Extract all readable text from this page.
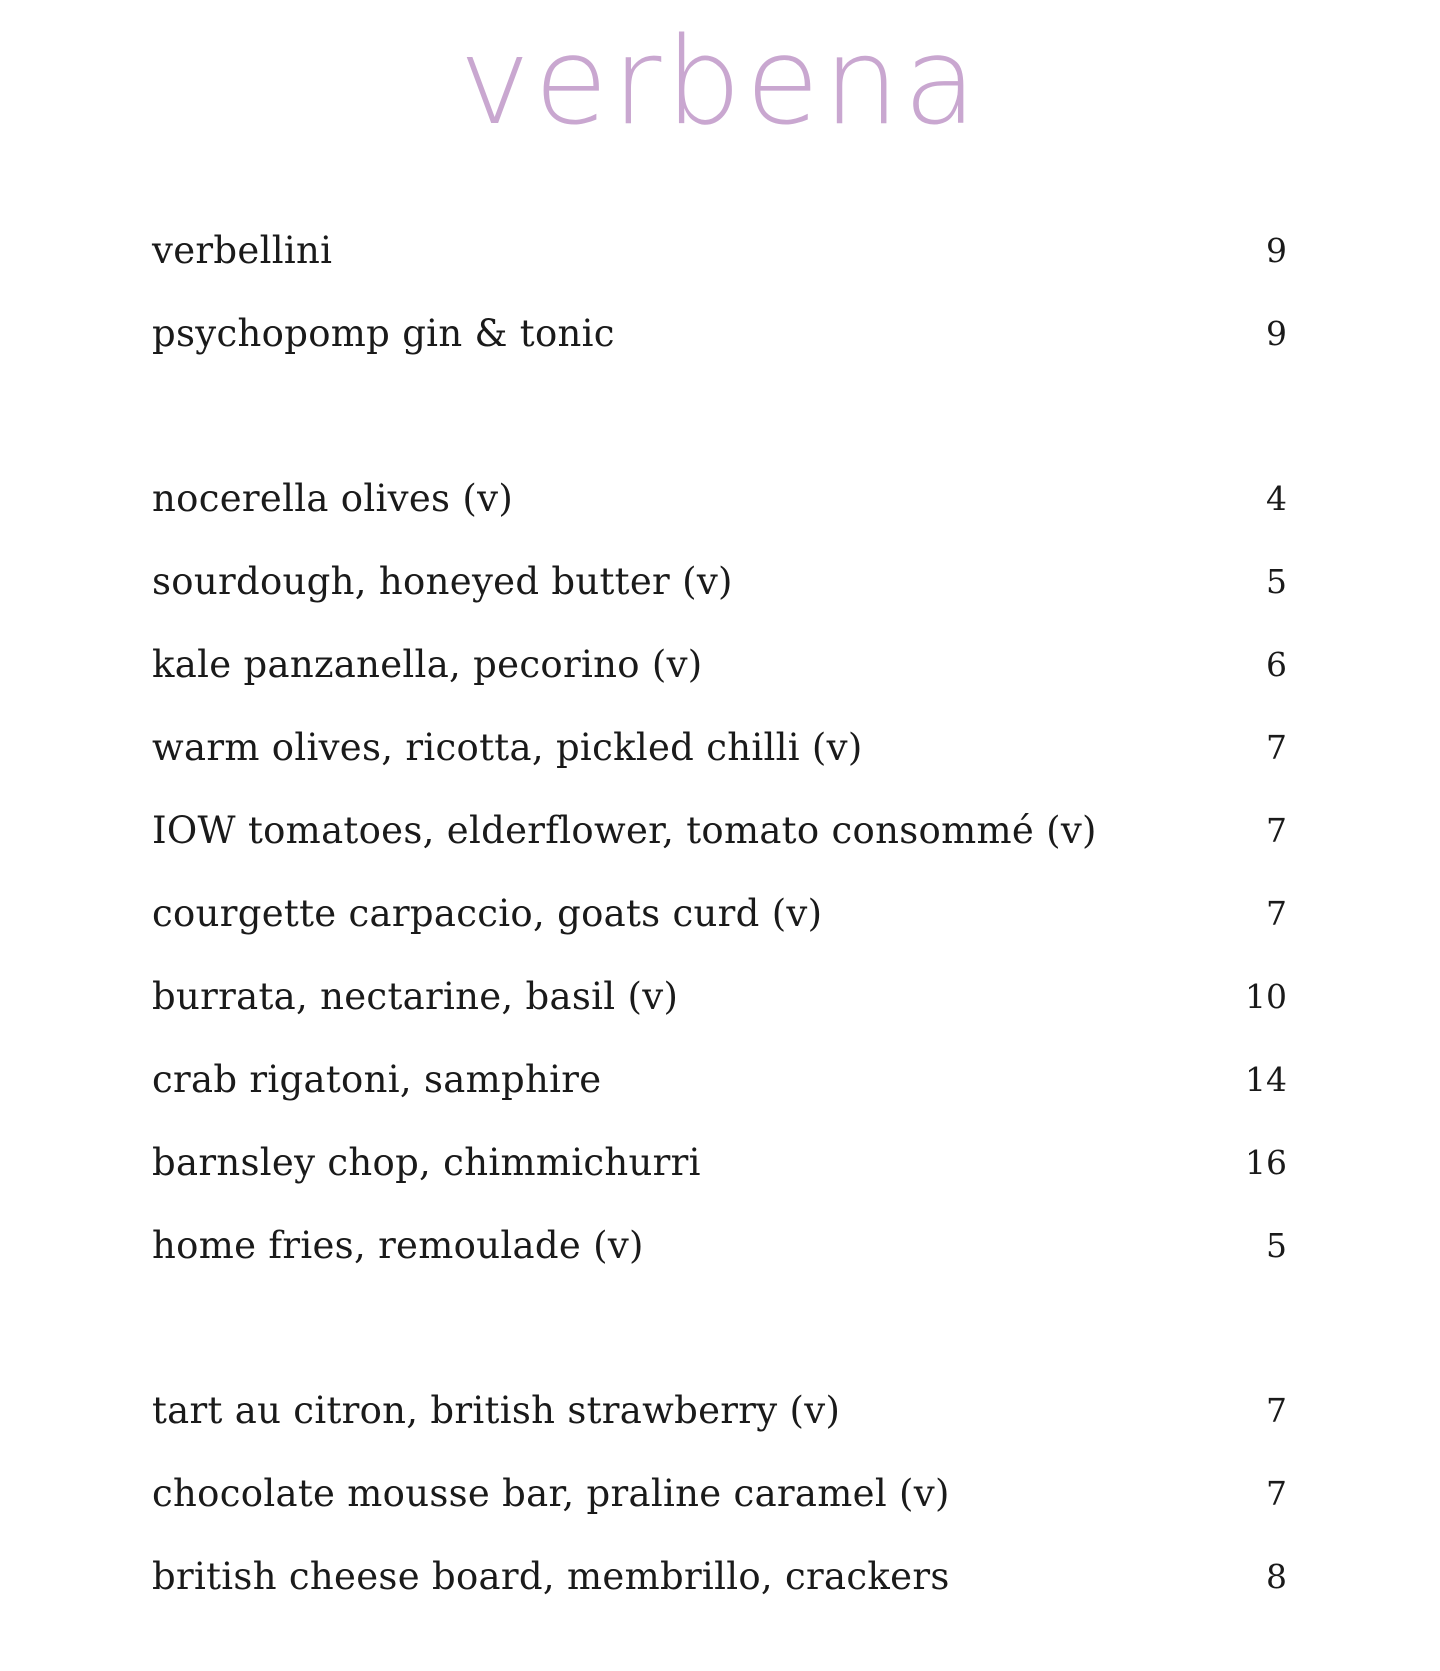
verbena
verbellini	9
psychopomp gin & tonic	9
nocerella olives (v)	4
sourdough, honeyed butter (v)	5
kale panzanella, pecorino (v)	6
warm olives, ricotta, pickled chilli (v)	7
IOW tomatoes, elderflower, tomato consommé (v)	7
courgette carpaccio, goats curd (v)	7
burrata, nectarine, basil (v)	10
crab rigatoni, samphire	14
barnsley chop, chimmichurri	16
home fries, remoulade (v)	5
tart au citron, british strawberry (v)	7
chocolate mousse bar, praline caramel (v)	7
british cheese board, membrillo, crackers	8
